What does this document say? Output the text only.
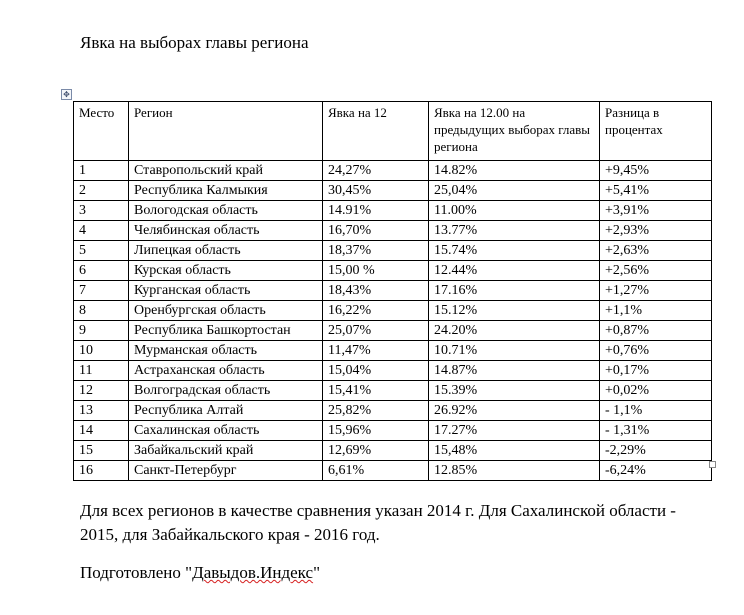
Явка на выборах главы региона
✥
Место	Регион	Явка на 12	Явка на 12.00 на предыдущих выборах главы региона	Разница в процентах
1	Ставропольский край	24,27%	14.82%	+9,45%
2	Республика Калмыкия	30,45%	25,04%	+5,41%
3	Вологодская область	14.91%	11.00%	+3,91%
4	Челябинская область	16,70%	13.77%	+2,93%
5	Липецкая область	18,37%	15.74%	+2,63%
6	Курская область	15,00 %	12.44%	+2,56%
7	Курганская область	18,43%	17.16%	+1,27%
8	Оренбургская область	16,22%	15.12%	+1,1%
9	Республика Башкортостан	25,07%	24.20%	+0,87%
10	Мурманская область	11,47%	10.71%	+0,76%
11	Астраханская область	15,04%	14.87%	+0,17%
12	Волгоградская область	15,41%	15.39%	+0,02%
13	Республика Алтай	25,82%	26.92%	- 1,1%
14	Сахалинская область	15,96%	17.27%	- 1,31%
15	Забайкальский край	12,69%	15,48%	-2,29%
16	Санкт-Петербург	6,61%	12.85%	-6,24%
Для всех регионов в качестве сравнения указан 2014 г. Для Сахалинской области - 2015, для Забайкальского края - 2016 год.
Подготовлено "Давыдов.Индекс"
